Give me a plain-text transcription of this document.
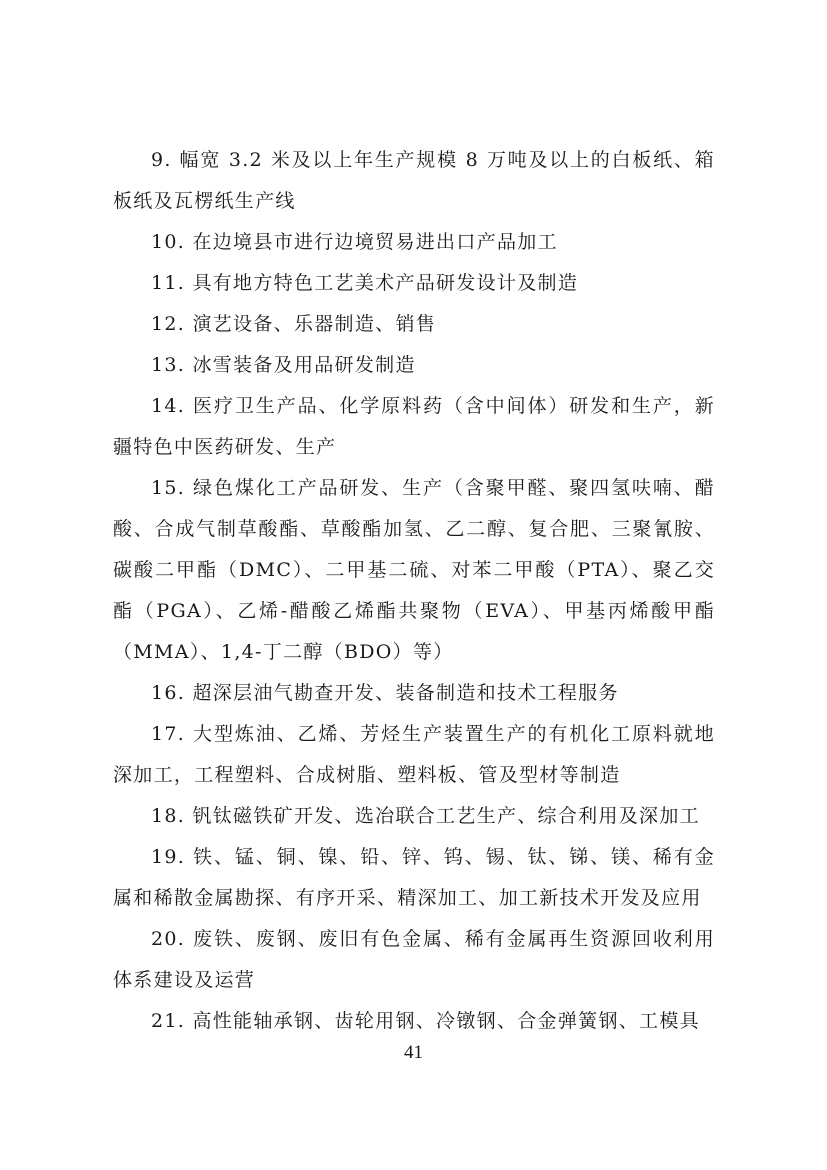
9. 幅宽 3.2 米及以上年生产规模 8 万吨及以上的白板纸、箱板纸及瓦楞纸生产线

10. 在边境县市进行边境贸易进出口产品加工

11. 具有地方特色工艺美术产品研发设计及制造

12. 演艺设备、乐器制造、销售

13. 冰雪装备及用品研发制造

14. 医疗卫生产品、化学原料药（含中间体）研发和生产，新疆特色中医药研发、生产

15. 绿色煤化工产品研发、生产（含聚甲醛、聚四氢呋喃、醋酸、合成气制草酸酯、草酸酯加氢、乙二醇、复合肥、三聚氰胺、碳酸二甲酯（DMC）、二甲基二硫、对苯二甲酸（PTA）、聚乙交酯（PGA）、乙烯-醋酸乙烯酯共聚物（EVA）、甲基丙烯酸甲酯（MMA）、1,4-丁二醇（BDO）等）

16. 超深层油气勘查开发、装备制造和技术工程服务

17. 大型炼油、乙烯、芳烃生产装置生产的有机化工原料就地深加工，工程塑料、合成树脂、塑料板、管及型材等制造

18. 钒钛磁铁矿开发、选冶联合工艺生产、综合利用及深加工

19. 铁、锰、铜、镍、铅、锌、钨、锡、钛、锑、镁、稀有金属和稀散金属勘探、有序开采、精深加工、加工新技术开发及应用

20. 废铁、废钢、废旧有色金属、稀有金属再生资源回收利用体系建设及运营

21. 高性能轴承钢、齿轮用钢、冷镦钢、合金弹簧钢、工模具

41
